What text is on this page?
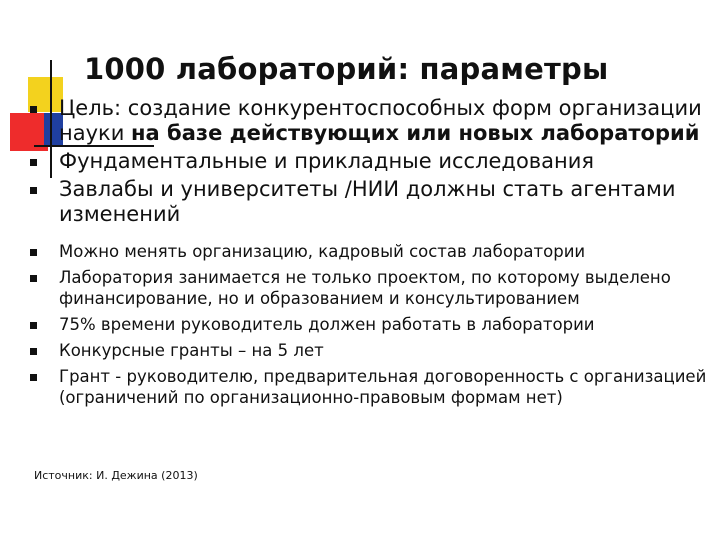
1000 лабораторий: параметры
Цель: создание конкурентоспособных форм организации науки на базе действующих или новых лабораторий
Фундаментальные и прикладные исследования
Завлабы и университеты /НИИ должны стать агентами изменений
Можно менять организацию, кадровый состав лаборатории
Лаборатория занимается не только проектом, по которому выделено финансирование, но и образованием и консультированием
75% времени руководитель должен работать в лаборатории
Конкурсные гранты – на 5 лет
Грант - руководителю, предварительная договоренность с организацией (ограничений по организационно-правовым формам нет)
Источник: И. Дежина (2013)
